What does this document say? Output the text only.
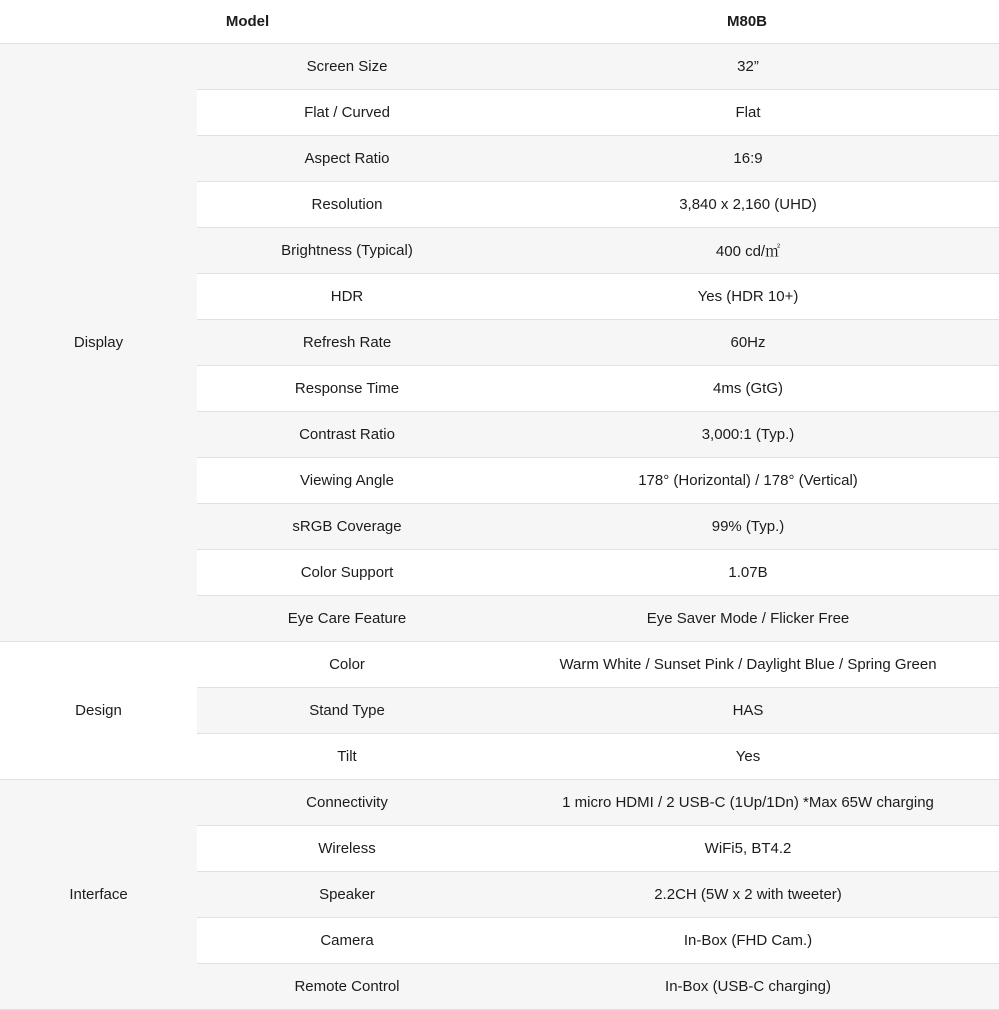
Model	M80B
Display
Screen Size	32”
Flat / Curved	Flat
Aspect Ratio	16:9
Resolution	3,840 x 2,160 (UHD)
Brightness (Typical)	400 cd/㎡
HDR	Yes (HDR 10+)
Refresh Rate	60Hz
Response Time	4ms (GtG)
Contrast Ratio	3,000:1 (Typ.)
Viewing Angle	178° (Horizontal) / 178° (Vertical)
sRGB Coverage	99% (Typ.)
Color Support	1.07B
Eye Care Feature	Eye Saver Mode / Flicker Free
Design
Color	Warm White / Sunset Pink / Daylight Blue / Spring Green
Stand Type	HAS
Tilt	Yes
Interface
Connectivity	1 micro HDMI / 2 USB-C (1Up/1Dn) *Max 65W charging
Wireless	WiFi5, BT4.2
Speaker	2.2CH (5W x 2 with tweeter)
Camera	In-Box (FHD Cam.)
Remote Control	In-Box (USB-C charging)
